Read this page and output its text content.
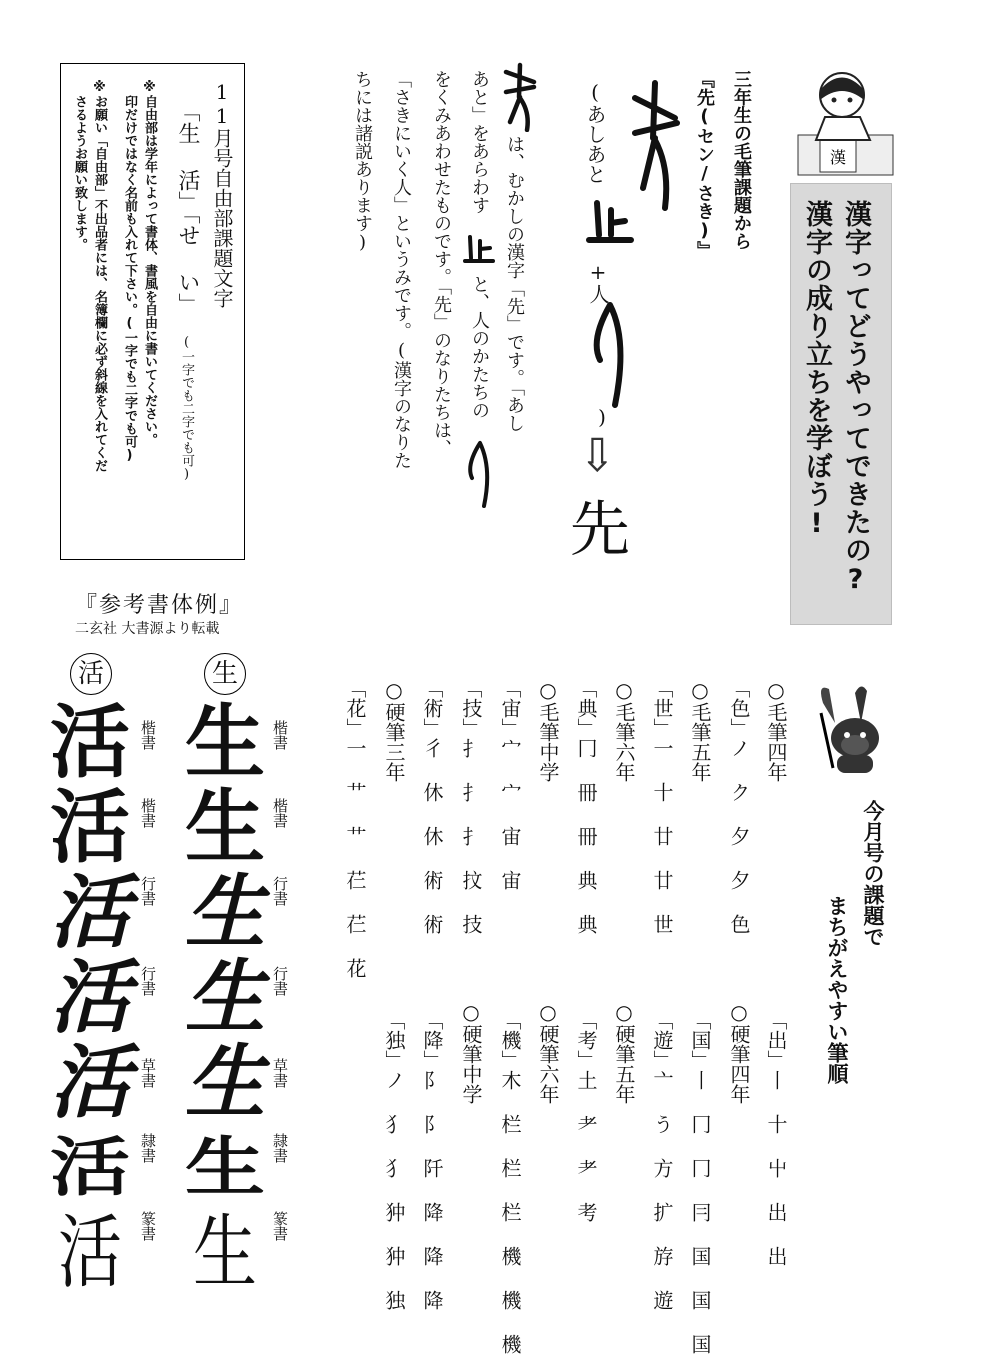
漢字ってどうやってできたの?
漢字の成り立ちを学ぼう!
漢
三年生の毛筆課題から
『先(セン/さき)』
(あしあと
+人
)
⇩
先
は、むかしの漢字「先」です。「あし
あと」をあらわす
と、人のかたちの
をくみあわせたものです。「先」のなりたちは、
「さきにいく人」というみです。(漢字のなりた
ちには諸説あります)
11月号自由部課題文字
「生 活」「せ い」
(一字でも二字でも可)
※自由部は学年によって書体、書風を自由に書いてください。
印だけではなく名前も入れて下さい。(一字でも二字でも可)
※お願い「自由部」不出品者には、名簿欄に必ず斜線を入れてくだ
さるようお願い致します。
『参考書体例』
二玄社 大書源より転載
活	生
生
生
生
生
生
生
生
楷書
楷書
行書
行書
草書
隷書
篆書
活
活
活
活
活
活
活
楷書
楷書
行書
行書
草書
隷書
篆書
今月号の課題で
まちがえやすい筆順
○毛筆四年
「色」ノ ク 夕 夕 色
○毛筆五年
「世」一 十 廿 廿 世
○毛筆六年
「典」冂 冊 冊 典 典
○毛筆中学
「宙」宀 宀 宙 宙
「技」扌 扌 扌 抆 技
「術」彳 休 休 術 術
○硬筆三年
「花」一 艹 艹 芢 芢 花
「出」丨 十 屮 出 出
○硬筆四年
「国」丨 冂 冂 冃 国 国 国
「遊」亠 う 方 扩 斿 遊
○硬筆五年
「考」土 耂 耂 考
○硬筆六年
「機」木 栏 栏 栏 機 機 機
○硬筆中学
「降」阝 阝 阡 降 降 降
「独」ノ 犭 犭 狆 狆 独
